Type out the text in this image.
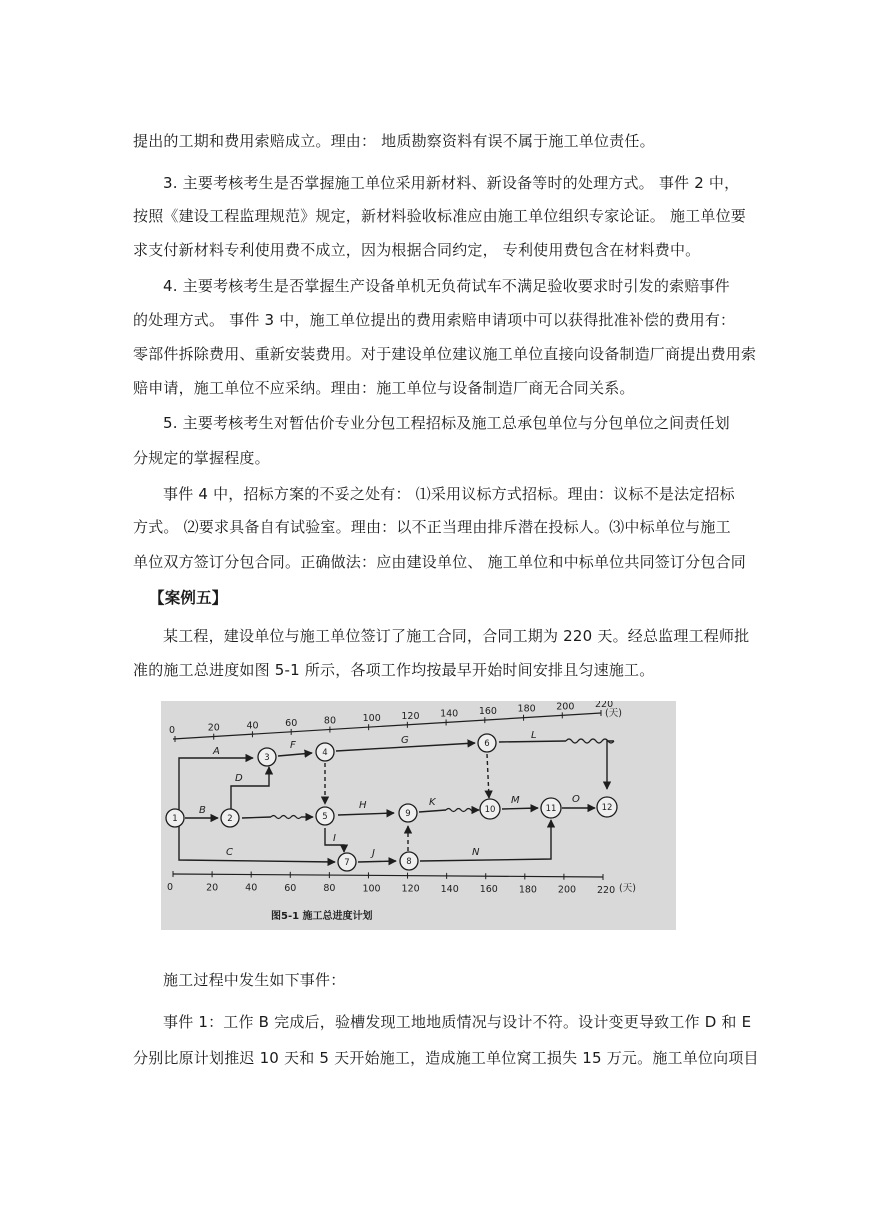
提出的工期和费用索赔成立。理由： 地质勘察资料有误不属于施工单位责任。
3. 主要考核考生是否掌握施工单位采用新材料、新设备等时的处理方式。 事件 2 中，
按照《建设工程监理规范》规定，新材料验收标准应由施工单位组织专家论证。 施工单位要
求支付新材料专利使用费不成立，因为根据合同约定， 专利使用费包含在材料费中。
4. 主要考核考生是否掌握生产设备单机无负荷试车不满足验收要求时引发的索赔事件
的处理方式。 事件 3 中，施工单位提出的费用索赔申请项中可以获得批准补偿的费用有：
零部件拆除费用、重新安装费用。对于建设单位建议施工单位直接向设备制造厂商提出费用索
赔申请，施工单位不应采纳。理由：施工单位与设备制造厂商无合同关系。
5. 主要考核考生对暂估价专业分包工程招标及施工总承包单位与分包单位之间责任划
分规定的掌握程度。
事件 4 中，招标方案的不妥之处有： ⑴采用议标方式招标。理由：议标不是法定招标
方式。 ⑵要求具备自有试验室。理由：以不正当理由排斥潜在投标人。⑶中标单位与施工
单位双方签订分包合同。正确做法：应由建设单位、 施工单位和中标单位共同签订分包合同
【案例五】
某工程，建设单位与施工单位签订了施工合同，合同工期为 220 天。经总监理工程师批
准的施工总进度如图 5-1 所示，各项工作均按最早开始时间安排且匀速施工。
0	20	40	60	80	100 120 140 160 180 200 220
0	20	40	60	80	100 120 140 160 180 200 220
(天)
(天)
A
B
D
F	G	L
H
I
C	J
K	M
N
O
1	2
3	4
5
6
7	8
9	10	11	12
图5-1 施工总进度计划
施工过程中发生如下事件：
事件 1：工作 B 完成后，验槽发现工地地质情况与设计不符。设计变更导致工作 D 和 E
分别比原计划推迟 10 天和 5 天开始施工，造成施工单位窝工损失 15 万元。施工单位向项目
